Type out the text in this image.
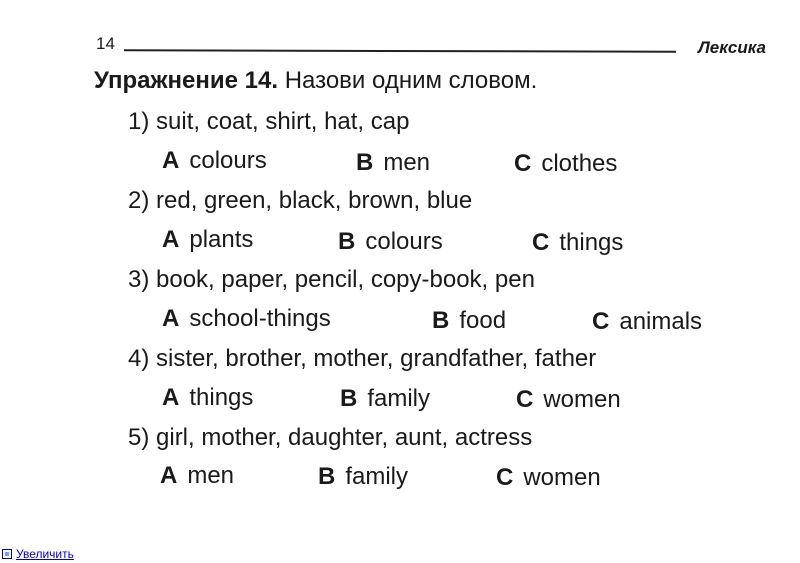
14	Лексика
Упражнение 14. Назови одним словом.
1) suit, coat, shirt, hat, cap
A colours	B men	C clothes
2) red, green, black, brown, blue
A plants	B colours	C things
3) book, paper, pencil, copy-book, pen
A school-things	B food	C animals
4) sister, brother, mother, grandfather, father
A things	B family	C women
5) girl, mother, daughter, aunt, actress
A men	B family	C women
Увеличить
